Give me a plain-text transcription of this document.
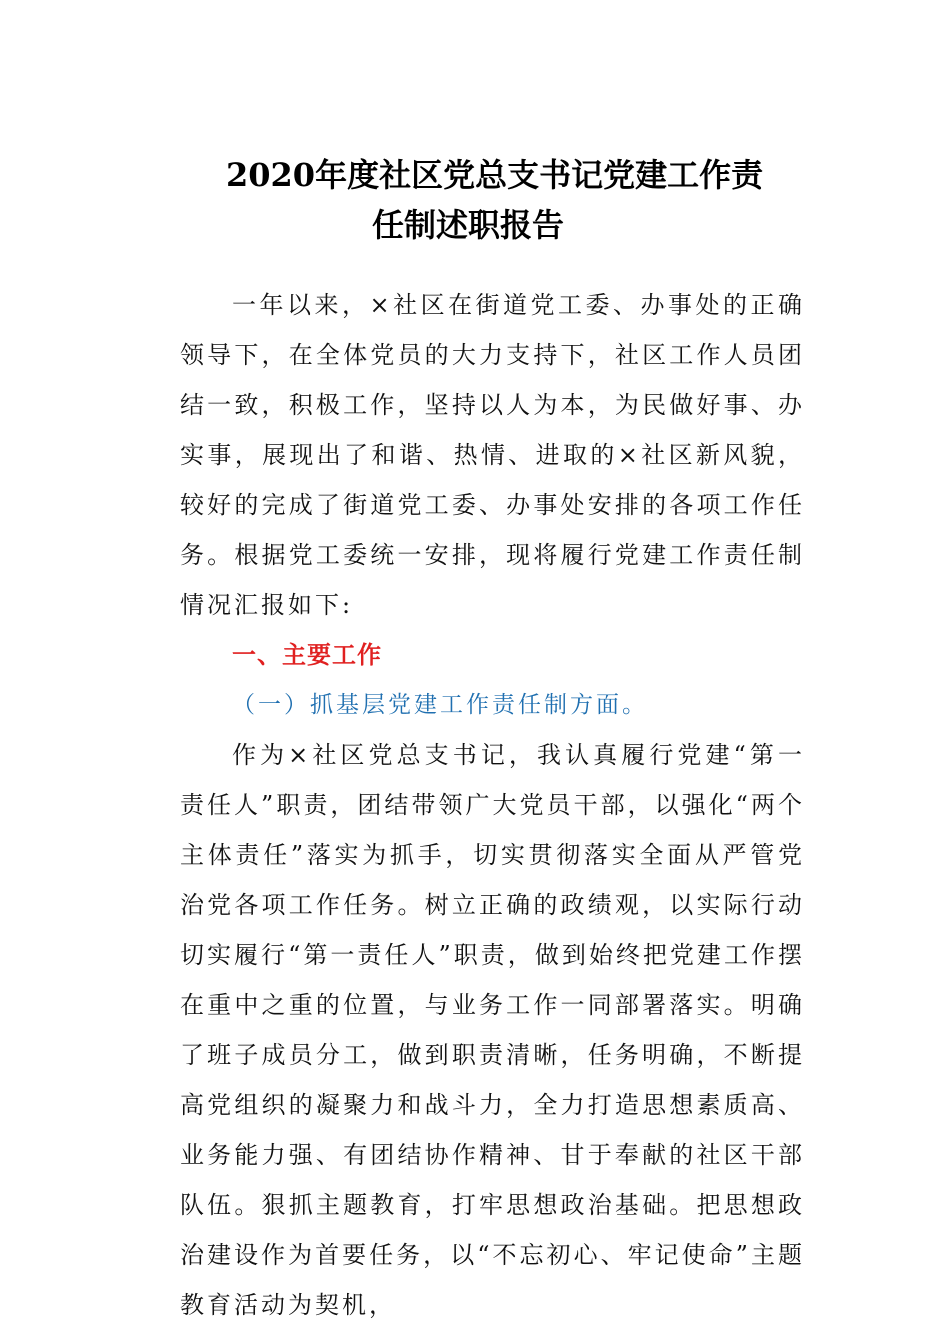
2020年度社区党总支书记党建工作责
任制述职报告

一年以来，×社区在街道党工委、办事处的正确领导下，在全体党员的大力支持下，社区工作人员团结一致，积极工作，坚持以人为本，为民做好事、办实事，展现出了和谐、热情、进取的×社区新风貌，较好的完成了街道党工委、办事处安排的各项工作任务。根据党工委统一安排，现将履行党建工作责任制情况汇报如下:

一、主要工作

（一）抓基层党建工作责任制方面。

作为×社区党总支书记，我认真履行党建“第一责任人”职责，团结带领广大党员干部，以强化“两个主体责任”落实为抓手，切实贯彻落实全面从严管党治党各项工作任务。树立正确的政绩观，以实际行动切实履行“第一责任人”职责，做到始终把党建工作摆在重中之重的位置，与业务工作一同部署落实。明确了班子成员分工，做到职责清晰，任务明确，不断提高党组织的凝聚力和战斗力，全力打造思想素质高、业务能力强、有团结协作精神、甘于奉献的社区干部队伍。狠抓主题教育，打牢思想政治基础。把思想政治建设作为首要任务，以“不忘初心、牢记使命”主题教育活动为契机，
